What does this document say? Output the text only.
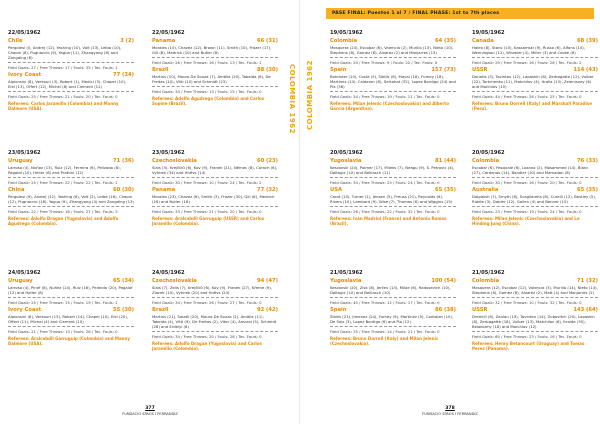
COLOMBIA 1962
22/05/1962
Chile	3 (2)
Pergolesi (I), Andrej (12), Yashing (10), Volt (13), Leiba (10), Chapin (8), Pugnaccio (9), Yagua (11), Zhangyong (6) and Zongding (8)
Field Goals: 27 / Free Throws: 17 / Fouls: 35 / Tec. Fouls: 1
Ivory Coast	77 (34)
Alpionsini (8), Verkouri (3), Robert (1), Medici (3), Chapel (10), Eiel (13), Offert (12), Michel (8) and Clement (12)
Field Goals: 25 / Free Throws: 21 / Fouls: 20 / Tec. Fouls: 0
Referees: Carlos Jaramillo (Colombia) and Manny Dalmore (USA).
23/05/1962
Uruguay	71 (36)
Larrosa (4), Nuñez (13), Ruiz (12), Ferreira (6), Pelizado (8), Pagalof (10), Heller (8) and Prattini (12)
Field Goals: 25 / Free Throws: 22 / Fouls: 22 / Tec. Fouls: 1
China	60 (30)
Pergolesi (9), Andrej (12), Yashing (8), Volt (2), Leiba (16), Chapin (12), Pugnaccio (18), Yagua (9), Zhangyong (4) and Zongding (13)
Field Goals: 22 / Free Throws: 16 / Fouls: 27 / Tec. Fouls: 3
Referees: Adolfo Dragan (Yugoslavia) and Adolfo Agudrega (Colombia).
24/05/1962
Uruguay	65 (34)
Larrosa (4), Pinef (8), Nuñez (14), Ruiz (16), Pelando (20), Pagalof (12) and Heller (8)
Field Goals: 25 / Free Throws: 15 / Fouls: 19 / Tec. Fouls: 1
Ivory Coast	55 (30)
Alpionsini (8), Verkouri (13), Robert (14), Chapel (10), Eiel (20), Offert (11), Michel (4) and Clement (10)
Field Goals: 21 / Free Throws: 13 / Fouls: 26 / Tec. Fouls: 0
Referees: Aralcabdil Garruguip (Colombia) and Manny Dalmore (USA).
22/05/1962
Panama	66 (31)
Morales (10), Chavez (12), Brown (11), Smith (10), Frazer (17), Gill (8), Medrick (10) and Butler (8)
Field Goals: 28 / Free Throws: 16 / Fouls: 13 / Tec. Fouls: 1
Brazil	88 (30)
Martins (10), Mauro De Souza (7), Amâlia (20), Tabelda (8), De Freitas (10), Vitti (10) and Schmidt (23)
Field Goals: 34 / Free Throws: 13 / Fouls: 15 / Tec. Fouls: 0
Referees: Adolfo Agudrega (Colombia) and Carlos Sopine (Brazil).
23/05/1962
Czechoslovakia	60 (23)
Slais (3), Krejčiků (6), Kov (9), Franek (21), Němec (8), Corach (6), Vyhnek (34) and Hněvs (14)
Field Goals: 30 / Free Throws: 10 / Fouls: 24 / Tec. Fouls: 2
Panama	77 (32)
Morales (23), Chavez (6), Smith (3), Frazer (30), Gill (6), Medrick (16) and Butler (16)
Field Goals: 33 / Free Throws: 21 / Fouls: 20 / Tec. Fouls: 0
Referees: Aralcabdil Garruguip (USSR) and Carlos Jaramillo (Colombia).
24/05/1962
Czechoslovakia	94 (47)
Slais (7), Zelis (7), Krejčiků (6), Kov (9), Franek (27), Křeme (9), Ziacek (10), Vyhnek (20) and Hněvs (24)
Field Goals: 34 / Free Throws: 26 / Fouls: 27 / Tec. Fouls: 0
Brazil	92 (42)
Martins (21), Salatil (20), Mauro De Souza (2), Amâlia (11), Tabelda (4), Vitti (9), De Freitas (2), Vitor (4), Amaral (5), Schmidt (28) and Erdelyi (6)
Field Goals: 34 / Free Throws: 20 / Fouls: 28 / Tec. Fouls: 0
Referees: Adolfo Dragan (Yugoslavia) and Carlos Jaramillo (Colombia).
377
FUNDACIÓ SPAOS I FERRANDIZ
COLOMBIA 1962
PASE FINAL: Puestos 1 al 7 / FINAL PHASE: 1st to 7th places
19/05/1962
Colombia	64 (35)
Mosquera (24), Escobar (6), Valencia (2), Murillo (13), Nieto (10), Stephens (8), Gomez (8), Alvarez (2) and Manjarres (15)
Field Goals: 20 / Free Throws: 9 / Fouls: 22 / Tec. Fouls: 0
Spain	157 (73)
Bohmder (10), Costa (5), Sibills (8), Mayal (16), Fumey (18), Martinez (14), Calderon (8), Sertahat (32), Lopez Bordigo (24) and Pia (36)
Field Goals: 54 / Free Throws: 19 / Fouls: 11 / Tec. Fouls: 0
Referees: Milan Jelenic (Czechoslovakia) and Alberto Garcia (Argentina).
20/05/1962
Yugoslavia	81 (44)
Keszovski (24), Polmer (17), Mileks (7), Neagu (9), S. Petrovic (4), Daltagic (10) and Belliasch (11)
Field Goals: 34 / Free Throws: 25 / Fouls: 24 / Tec. Fouls: 0
USA	65 (35)
Carat (15), Turner (1), Jensen (5), Preuss (21), Reynolds (6), Rivers (10), Lambard (9), Wise (7), Thomas (6) and Wiggins (15)
Field Goals: 26 / Free Throws: 22 / Fouls: 32 / Tec. Fouls: 0
Referees: Iván Madrini (France) and Antonio Ramos (Brazil).
21/05/1962
Yugoslavia	100 (54)
Keszovski (20), Zisk (8), Jerčev (13), Milae (6), Radosevich (10), Daltagic (10) and Belliasch (10)
Field Goals: 40 / Free Throws: 12 / Fouls: 17 / Tec. Fouls: 0
Spain	86 (38)
Sibills (23), Jimenez (24), Fumey (9), Martinez (5), Corbalan (10), De Saiz (3), Lopez Bordigo (6) and Pia (12)
Field Goals: 35 / Free Throws: 14 / Fouls: 21 / Tec. Fouls: 0
Referees: Bruno Dorrell (Italy) and Milan Jelenic (Czechoslovakia).
19/05/1962
Canada	68 (39)
Haleo (8), Stans (10), Kassamski (9), Russo (6), Alfans (10), Wennington (12), Wheeler (4), Miller (3) and Cooke (6)
Field Goals: 29 / Free Throws: 16 / Fouls: 26 / Tec. Fouls: 2
USSR	114 (43)
Donatis (3), Tavinteu (12), Lapaskin (8), Zerbagatte (12), Vulber (22), Tortchenko (11), Matchilov (4), Itralla (13), Zelenisney (6) and Marchlov (10)
Field Goals: 44 / Free Throws: 26 / Fouls: 25 / Tec. Fouls: 0
Referees: Bruno Dorrell (Italy) and Marshall Paradise (Peru).
20/05/1962
Colombia	76 (33)
Escobar (6), Pasquale (6), Lozano (2), Mosammed (14), Blanc (27), Cárdenas (14), Bandler (10) and Mamadon (8)
Field Goals: 30 / Free Throws: 16 / Fouls: 20 / Tec. Fouls: 0
Australia	65 (35)
Dalgleish (7), Smyth (8), Scagliarella (8), Cureill (12), Bestley (5), Riddle (3), Dabler (12), Gallen (4) and Benner (10)
Field Goals: 23 / Free Throws: 19 / Fouls: 24 / Tec. Fouls: 0
Referees: Milan Jelenic (Czechoslovakia) and Lo Hinding Jung (China).
21/05/1962
Colombia	71 (32)
Mosquera (12), Escobar (12), Valencia (3), Murillo (14), Nieto (14), Stephens (8), Gomez (8), Alvarez (2), Matt (4) and Manjarres (2)
Field Goals: 32 / Free Throws: 10 / Fouls: 32 / Tec. Fouls: 0
USSR	143 (64)
Dremilli (6), Zaulan (19), Tavinteu (14), Zubovitch (20), Lapaskin (8), Zerbagatte (18), Vulber (13), Matchilov (6), Itralda (30), Belokonny (18) and Marchlov (12)
Field Goals: 60 / Free Throws: 23 / Fouls: 16 / Tec. Fouls: 0
Referees: Henry Betancourt (Uruguay) and Tomas Perez (Panama).
378
FUNDACIÓ SPAOS I FERRANDIZ
